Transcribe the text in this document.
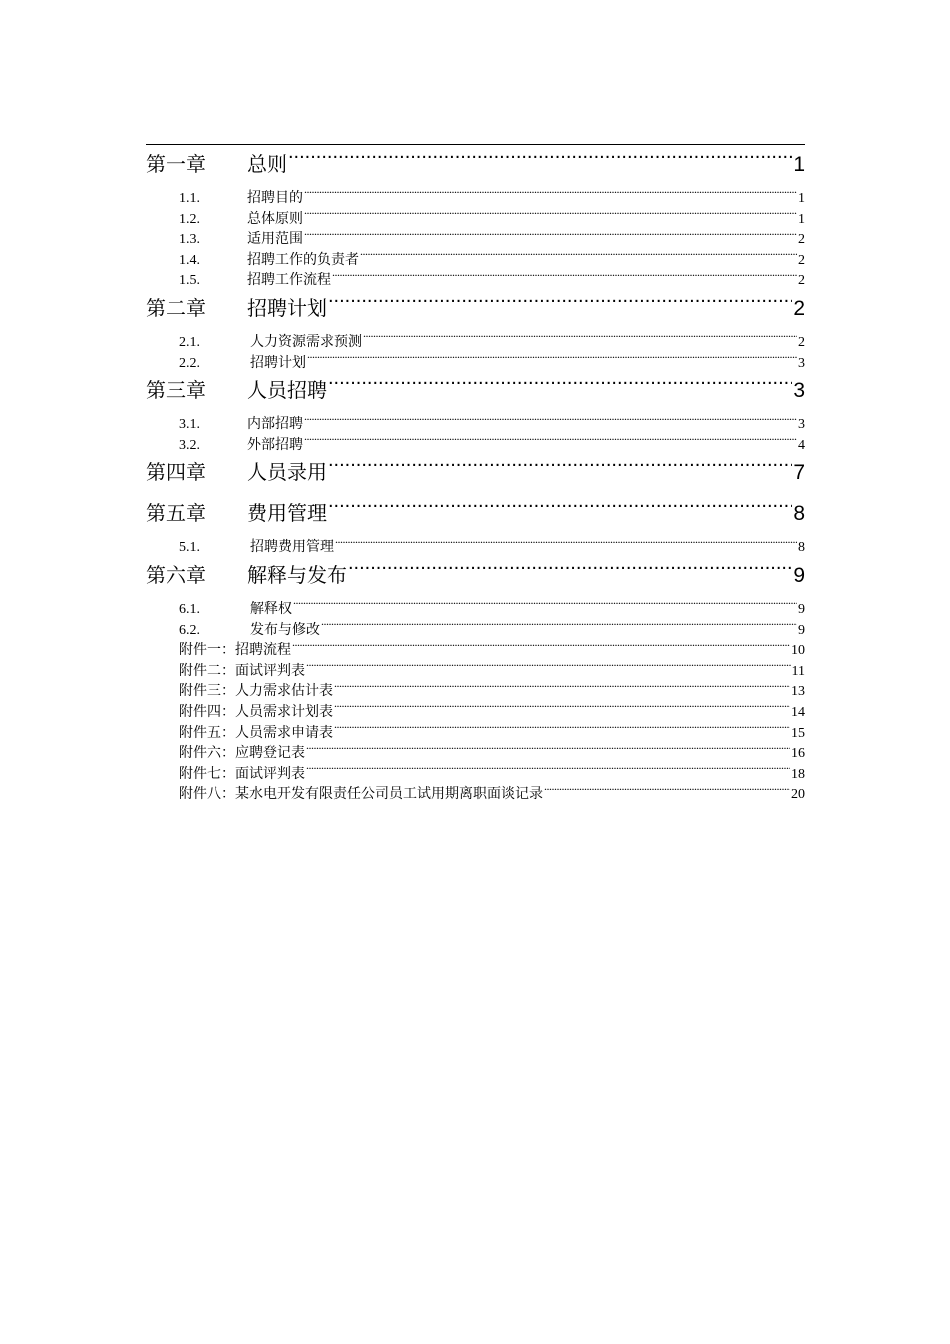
第一章	总则 .....	1
1.1.	招聘目的 .....	1
1.2.	总体原则 .....	1
1.3.	适用范围 .....	2
1.4.	招聘工作的负责者 .....	2
1.5.	招聘工作流程 .....	2
第二章	招聘计划 .....	2
2.1.	人力资源需求预测 .....	2
2.2.	招聘计划 .....	3
第三章	人员招聘 .....	3
3.1.	内部招聘 .....	3
3.2.	外部招聘 .....	4
第四章	人员录用 .....	7
第五章	费用管理 .....	8
5.1.	招聘费用管理 .....	8
第六章	解释与发布 .....	9
6.1.	解释权 .....	9
6.2.	发布与修改 .....	9
附件一：招聘流程 .....	10
附件二：面试评判表 .....	11
附件三：人力需求估计表 .....	13
附件四：人员需求计划表 .....	14
附件五：人员需求申请表 .....	15
附件六：应聘登记表 .....	16
附件七：面试评判表 .....	18
附件八：某水电开发有限责任公司员工试用期离职面谈记录 .....	20
